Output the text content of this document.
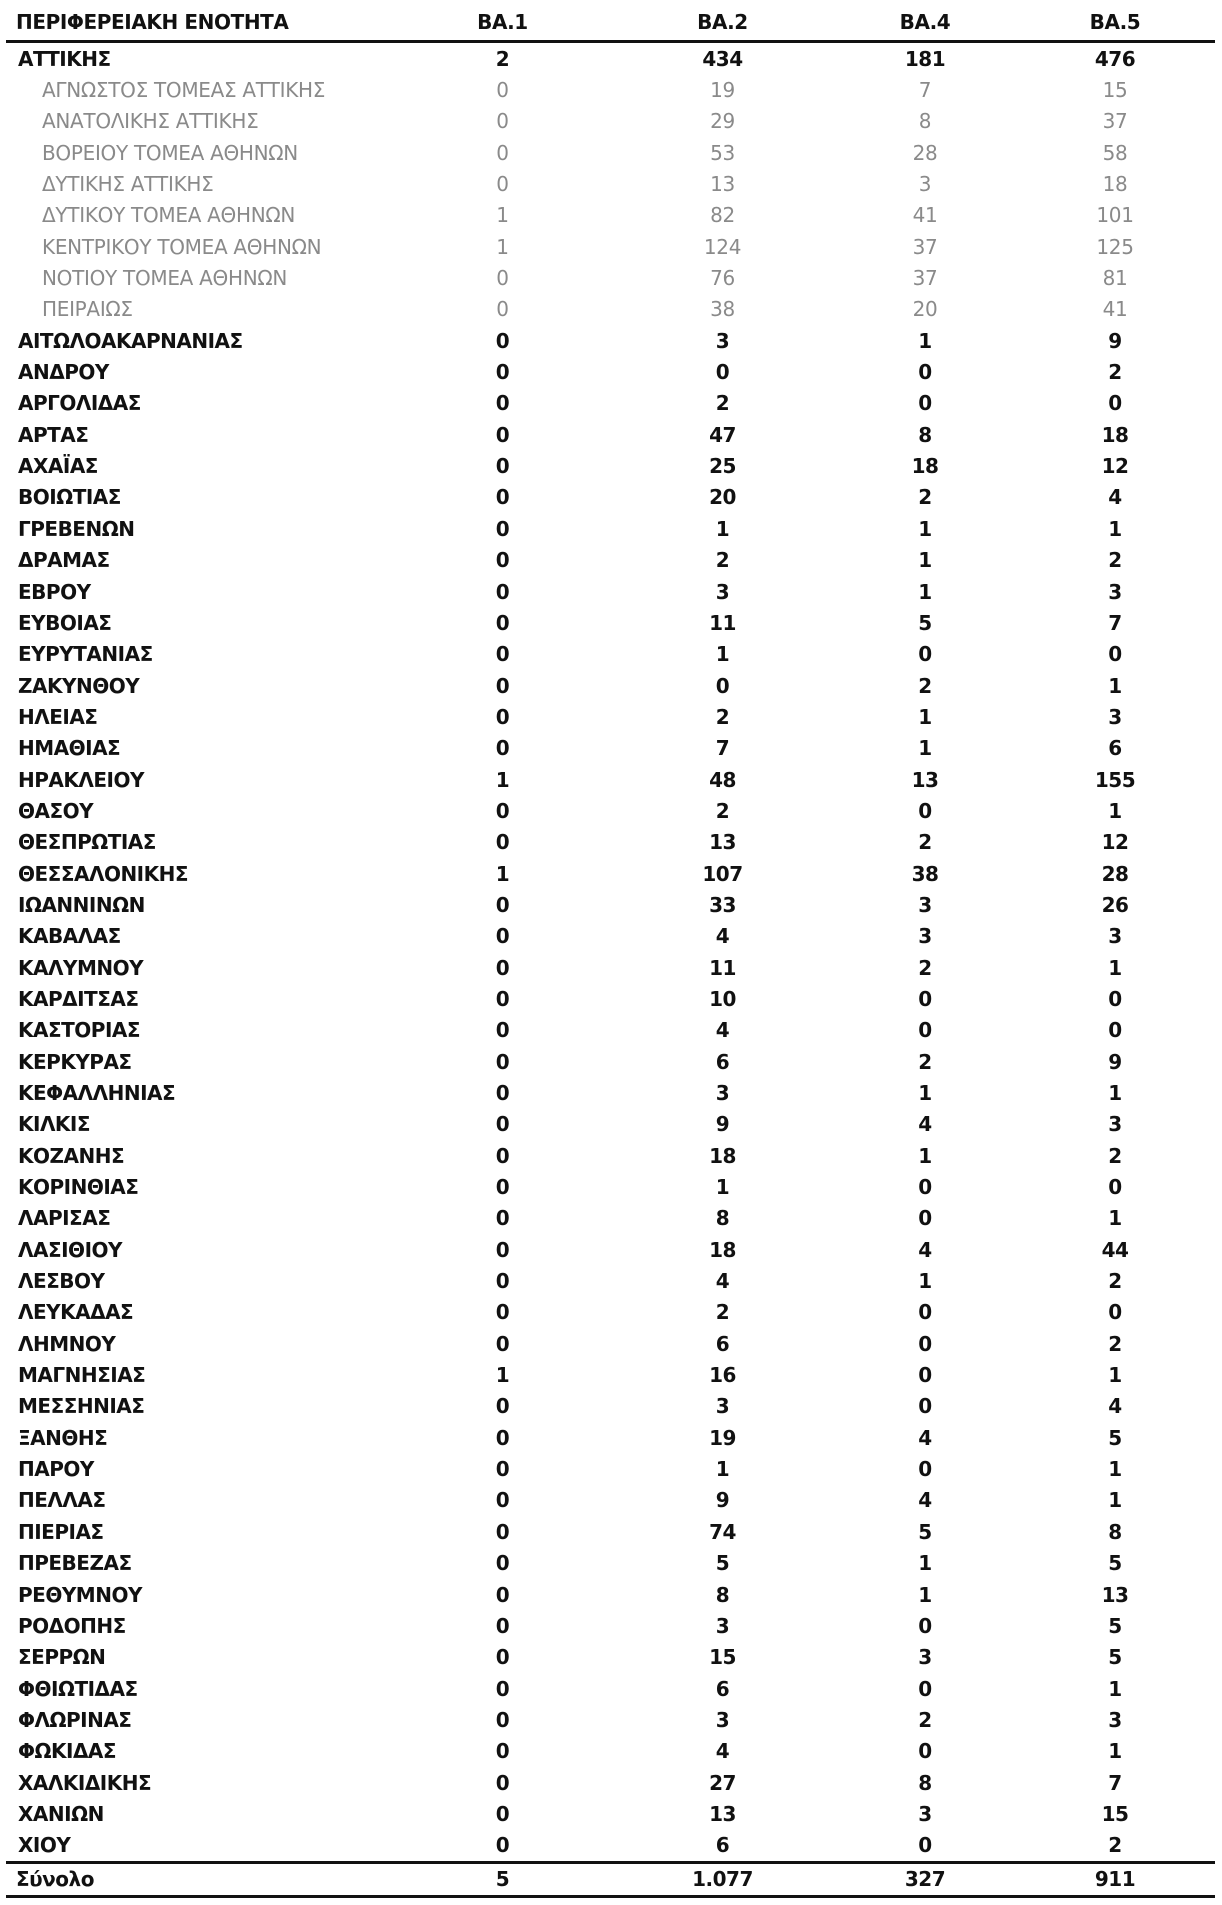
ΠΕΡΙΦΕΡΕΙΑΚΗ ΕΝΟΤΗΤΑ	ΒΑ.1	ΒΑ.2	ΒΑ.4	ΒΑ.5
ΑΤΤΙΚΗΣ	2	434	181	476
ΑΓΝΩΣΤΟΣ ΤΟΜΕΑΣ ΑΤΤΙΚΗΣ	0	19	7	15
ΑΝΑΤΟΛΙΚΗΣ ΑΤΤΙΚΗΣ	0	29	8	37
ΒΟΡΕΙΟΥ ΤΟΜΕΑ ΑΘΗΝΩΝ	0	53	28	58
ΔΥΤΙΚΗΣ ΑΤΤΙΚΗΣ	0	13	3	18
ΔΥΤΙΚΟΥ ΤΟΜΕΑ ΑΘΗΝΩΝ	1	82	41	101
ΚΕΝΤΡΙΚΟΥ ΤΟΜΕΑ ΑΘΗΝΩΝ	1	124	37	125
ΝΟΤΙΟΥ ΤΟΜΕΑ ΑΘΗΝΩΝ	0	76	37	81
ΠΕΙΡΑΙΩΣ	0	38	20	41
ΑΙΤΩΛΟΑΚΑΡΝΑΝΙΑΣ	0	3	1	9
ΑΝΔΡΟΥ	0	0	0	2
ΑΡΓΟΛΙΔΑΣ	0	2	0	0
ΑΡΤΑΣ	0	47	8	18
ΑΧΑΪΑΣ	0	25	18	12
ΒΟΙΩΤΙΑΣ	0	20	2	4
ΓΡΕΒΕΝΩΝ	0	1	1	1
ΔΡΑΜΑΣ	0	2	1	2
ΕΒΡΟΥ	0	3	1	3
ΕΥΒΟΙΑΣ	0	11	5	7
ΕΥΡΥΤΑΝΙΑΣ	0	1	0	0
ΖΑΚΥΝΘΟΥ	0	0	2	1
ΗΛΕΙΑΣ	0	2	1	3
ΗΜΑΘΙΑΣ	0	7	1	6
ΗΡΑΚΛΕΙΟΥ	1	48	13	155
ΘΑΣΟΥ	0	2	0	1
ΘΕΣΠΡΩΤΙΑΣ	0	13	2	12
ΘΕΣΣΑΛΟΝΙΚΗΣ	1	107	38	28
ΙΩΑΝΝΙΝΩΝ	0	33	3	26
ΚΑΒΑΛΑΣ	0	4	3	3
ΚΑΛΥΜΝΟΥ	0	11	2	1
ΚΑΡΔΙΤΣΑΣ	0	10	0	0
ΚΑΣΤΟΡΙΑΣ	0	4	0	0
ΚΕΡΚΥΡΑΣ	0	6	2	9
ΚΕΦΑΛΛΗΝΙΑΣ	0	3	1	1
ΚΙΛΚΙΣ	0	9	4	3
ΚΟΖΑΝΗΣ	0	18	1	2
ΚΟΡΙΝΘΙΑΣ	0	1	0	0
ΛΑΡΙΣΑΣ	0	8	0	1
ΛΑΣΙΘΙΟΥ	0	18	4	44
ΛΕΣΒΟΥ	0	4	1	2
ΛΕΥΚΑΔΑΣ	0	2	0	0
ΛΗΜΝΟΥ	0	6	0	2
ΜΑΓΝΗΣΙΑΣ	1	16	0	1
ΜΕΣΣΗΝΙΑΣ	0	3	0	4
ΞΑΝΘΗΣ	0	19	4	5
ΠΑΡΟΥ	0	1	0	1
ΠΕΛΛΑΣ	0	9	4	1
ΠΙΕΡΙΑΣ	0	74	5	8
ΠΡΕΒΕΖΑΣ	0	5	1	5
ΡΕΘΥΜΝΟΥ	0	8	1	13
ΡΟΔΟΠΗΣ	0	3	0	5
ΣΕΡΡΩΝ	0	15	3	5
ΦΘΙΩΤΙΔΑΣ	0	6	0	1
ΦΛΩΡΙΝΑΣ	0	3	2	3
ΦΩΚΙΔΑΣ	0	4	0	1
ΧΑΛΚΙΔΙΚΗΣ	0	27	8	7
ΧΑΝΙΩΝ	0	13	3	15
ΧΙΟΥ	0	6	0	2
Σύνολο	5	1.077	327	911
